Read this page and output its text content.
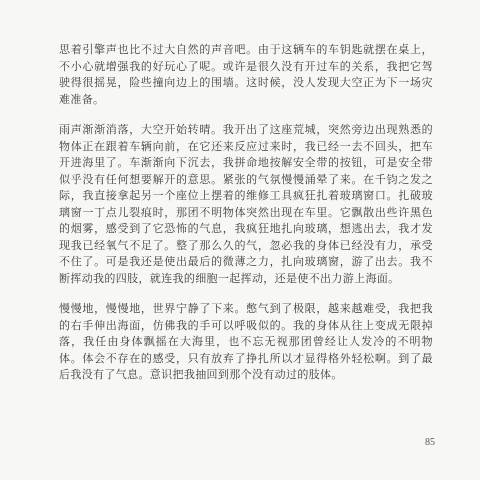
思着引擎声也比不过大自然的声音吧。由于这辆车的车钥匙就摆在桌上，不小心就增强我的好玩心了呢。或许是很久没有开过车的关系，我把它驾驶得很摇晃，险些撞向边上的围墙。这时候，没人发现大空正为下一场灾难准备。

雨声渐渐消落，大空开始转晴。我开出了这座荒城，突然旁边出现熟悉的物体正在跟着车辆向前，在它还来反应过来时，我已经一去不回头，把车开进海里了。车渐渐向下沉去，我拼命地按解安全带的按钮，可是安全带似乎没有任何想要解开的意思。紧张的气氛慢慢涌晕了来。在千钧之发之际，我直接拿起另一个座位上摆着的维修工具疯狂扎着玻璃窗口。扎破玻璃窗一丁点儿裂痕时，那团不明物体突然出现在车里。它飘散出些许黑色的烟雾，感受到了它恐怖的气息，我疯狂地扎向玻璃，想逃出去，我才发现我已经氧气不足了。整了那么久的气，忽必我的身体已经没有力，承受不住了。可是我还是使出最后的微薄之力，扎向玻璃窗，游了出去。我不断挥动我的四肢，就连我的细胞一起挥动，还是使不出力游上海面。

慢慢地，慢慢地，世界宁静了下来。憋气到了极限，越来越难受，我把我的右手伸出海面，仿佛我的手可以呼吸似的。我的身体从往上变成无限掉落，我任由身体飘摇在大海里，也不忘无视那团曾经让人发冷的不明物体。体会不存在的感受，只有放弃了挣扎所以才显得格外轻松啊。到了最后我没有了气息。意识把我抽回到那个没有动过的肢体。

85
